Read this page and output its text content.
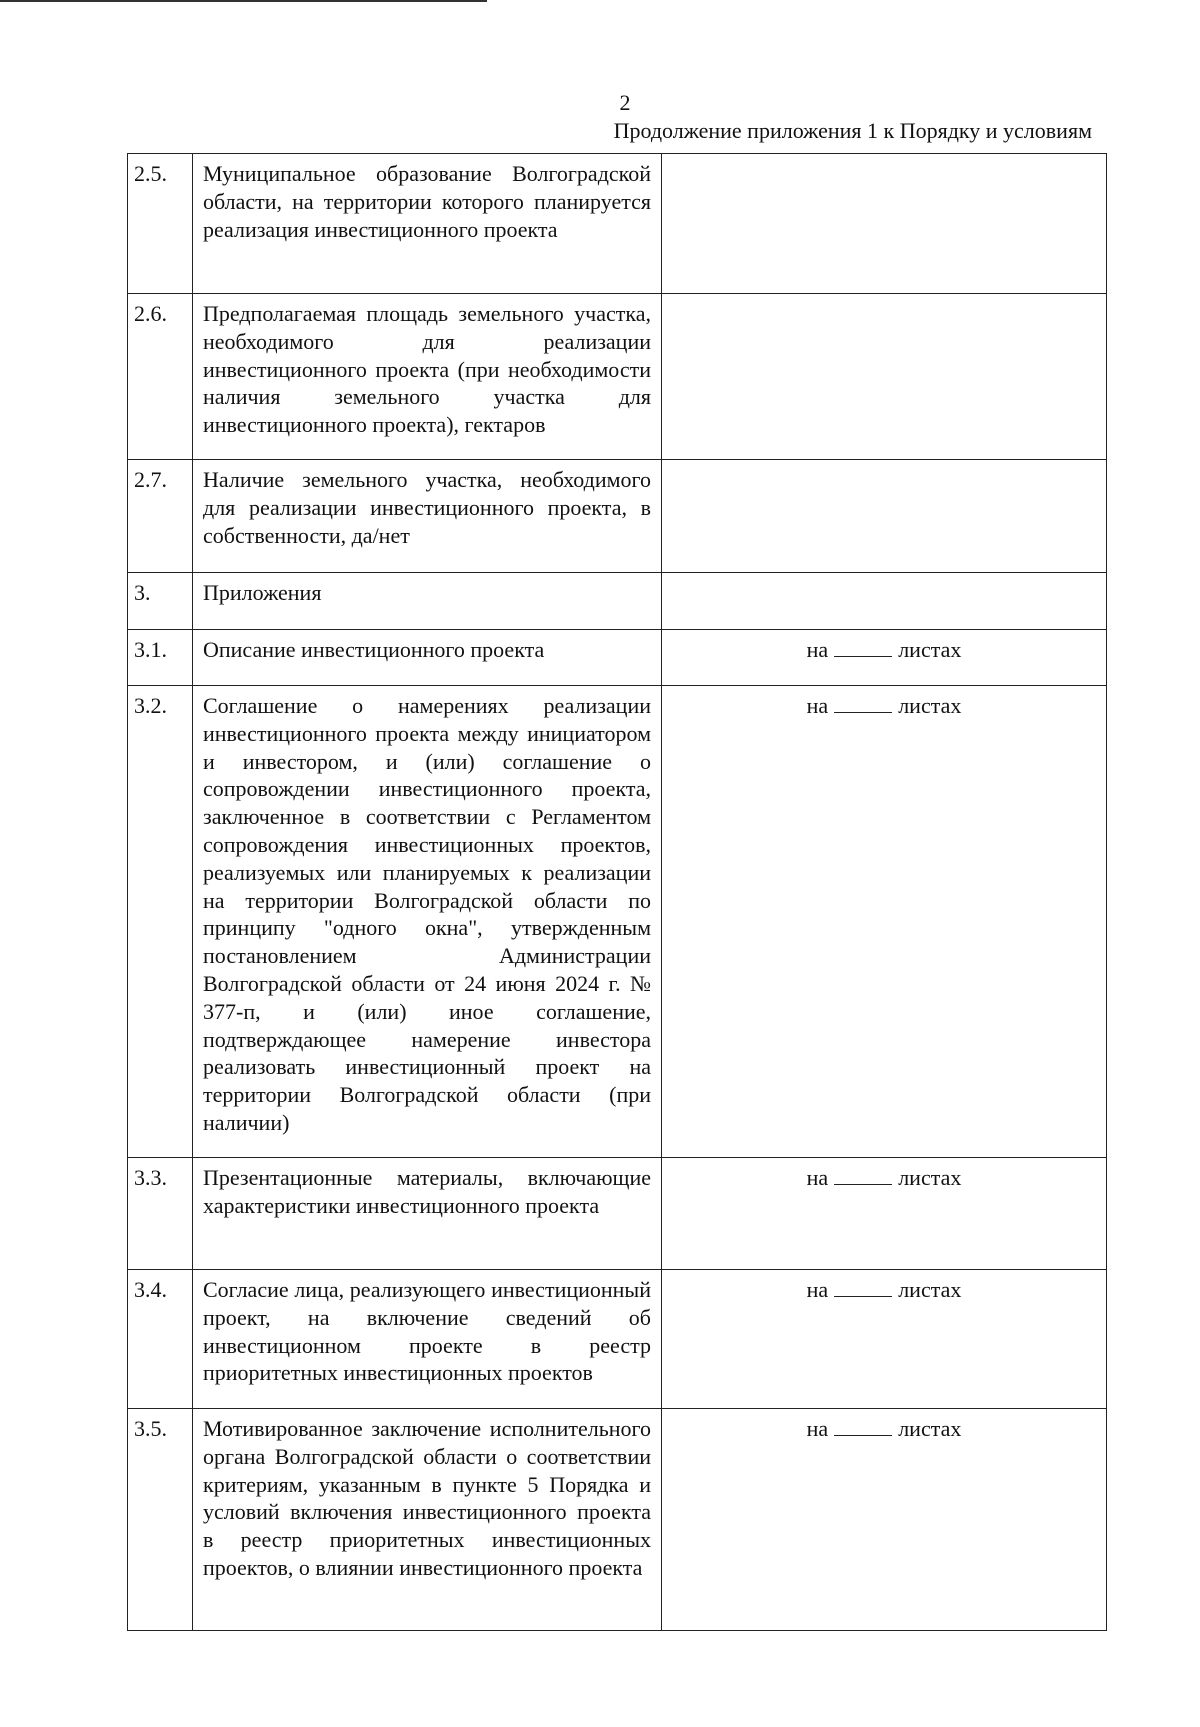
2
Продолжение приложения 1 к Порядку и условиям
2.5.	Муниципальное образование Волгоградской области, на территории которого планируется реализация инвестиционного проекта	

2.6.	Предполагаемая площадь земельного участка, необходимого для реализации инвестиционного проекта (при необходимости наличия земельного участка для инвестиционного проекта), гектаров	

2.7.	Наличие земельного участка, необходимого для реализации инвестиционного проекта, в собственности, да/нет	

3.	Приложения	

3.1.	Описание инвестиционного проекта	на листах
3.2.	Соглашение о намерениях реализации инвестиционного проекта между инициатором и инвестором, и (или) соглашение о сопровождении инвестиционного проекта, заключенное в соответствии с Регламентом сопровождения инвестиционных проектов, реализуемых или планируемых к реализации на территории Волгоградской области по принципу "одного окна", утвержденным постановлением Администрации Волгоградской области от 24 июня 2024 г. № 377-п, и (или) иное соглашение, подтверждающее намерение инвестора реализовать инвестиционный проект на территории Волгоградской области (при наличии)	на листах
3.3.	Презентационные материалы, включающие характеристики инвестиционного проекта	на листах
3.4.	Согласие лица, реализующего инвестиционный проект, на включение сведений об инвестиционном проекте в реестр приоритетных инвестиционных проектов	на листах
3.5.	Мотивированное заключение исполнительного органа Волгоградской области о соответствии критериям, указанным в пункте 5 Порядка и условий включения инвестиционного проекта в реестр приоритетных инвестиционных проектов, о влиянии инвестиционного проекта	на листах
